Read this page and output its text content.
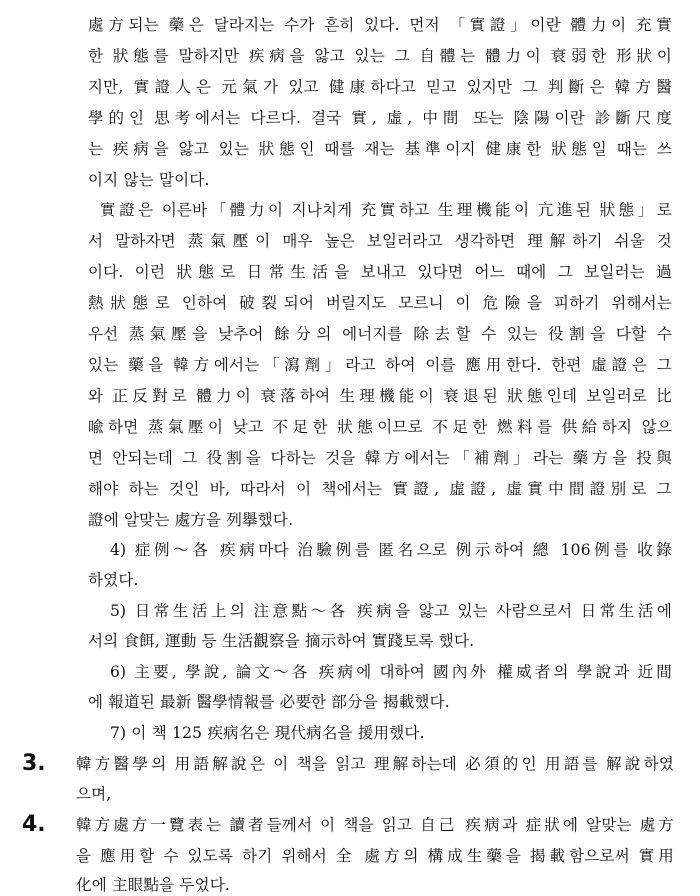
處方되는 藥은 달라지는 수가 흔히 있다. 먼저 「實證」이란 體力이 充實
한 狀態를 말하지만 疾病을 앓고 있는 그 自體는 體力이 衰弱한 形狀이
지만, 實證人은 元氣가 있고 健康하다고 믿고 있지만 그 判斷은 韓方醫
學的인 思考에서는 다르다. 결국 實, 虛, 中間 또는 陰陽이란 診斷尺度
는 疾病을 앓고 있는 狀態인 때를 재는 基準이지 健康한 狀態일 때는 쓰
이지 않는 말이다.
實證은 이른바「體力이 지나치게 充實하고 生理機能이 亢進된 狀態」로
서 말하자면 蒸氣壓이 매우 높은 보일러라고 생각하면 理解하기 쉬울 것
이다. 이런 狀態로 日常生活을 보내고 있다면 어느 때에 그 보일러는 過
熱狀態로 인하여 破裂되어 버릴지도 모르니 이 危險을 피하기 위해서는
우선 蒸氣壓을 낮추어 餘分의 에너지를 除去할 수 있는 役割을 다할 수
있는 藥을 韓方에서는「瀉劑」라고 하여 이를 應用한다. 한편 虛證은 그
와 正反對로 體力이 衰落하여 生理機能이 衰退된 狀態인데 보일러로 比
喩하면 蒸氣壓이 낮고 不足한 狀態이므로 不足한 燃料를 供給하지 않으
면 안되는데 그 役割을 다하는 것을 韓方에서는「補劑」라는 藥方을 投與
해야 하는 것인 바, 따라서 이 책에서는 實證, 虛證, 虛實中間證別로 그
證에 알맞는 處方을 列擧했다.
4) 症例～各 疾病마다 治驗例를 匿名으로 例示하여 總 106例를 收錄
하였다.
5) 日常生活上의 注意點～各 疾病을 앓고 있는 사람으로서 日常生活에
서의 食餌, 運動 등 生活觀察을 摘示하여 實踐토록 했다.
6) 主要, 學說, 論文～各 疾病에 대하여 國內外 權威者의 學說과 近間
에 報道된 最新 醫學情報를 必要한 部分을 揭載했다.
7) 이 책 125 疾病名은 現代病名을 援用했다.
3. 韓方醫學의 用語解說은 이 책을 읽고 理解하는데 必須的인 用語를 解說하였
으며,
4. 韓方處方一覽表는 讀者들께서 이 책을 읽고 自己 疾病과 症狀에 알맞는 處方
을 應用할 수 있도록 하기 위해서 全 處方의 構成生藥을 揭載함으로써 實用
化에 主眼點을 두었다.
